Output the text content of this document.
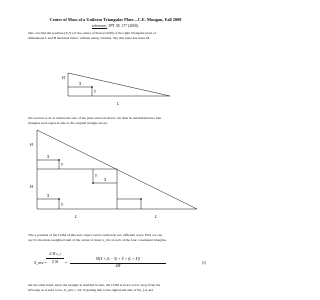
Center of Mass of a Uniform Triangular Plate—C.E. Mungan, Fall 2008
reference: TPT 38, 177 (2000).
One can find the position (X,Y) of the center of mass (COM) of the right triangular plate of
dimensions L and H sketched below without using calculus. Say this plate has mass M.
H
X
Y
L
All one has to do is double the size of the plate and note that it can then be subdivided into four
triangles each equal in size to the original triangle above.
H
H
X
Y
X
Y
X
Y
L	L
The x position of the COM of this new object can be written in two different ways. First we can
say it's the mass-weighted sum of the center of mass x_cm of each of the four constituent triangles,
X_new =
Σ M x_i
Σ M	=
M[X + (L − X) + X + (L + X)]
4M
(1)
On the other hand, since the triangle is doubled in size, the COM is twice as far away from the
left edge as it used to be, X_new = 2X. Equating this to the right-hand side of Eq. (1) and
